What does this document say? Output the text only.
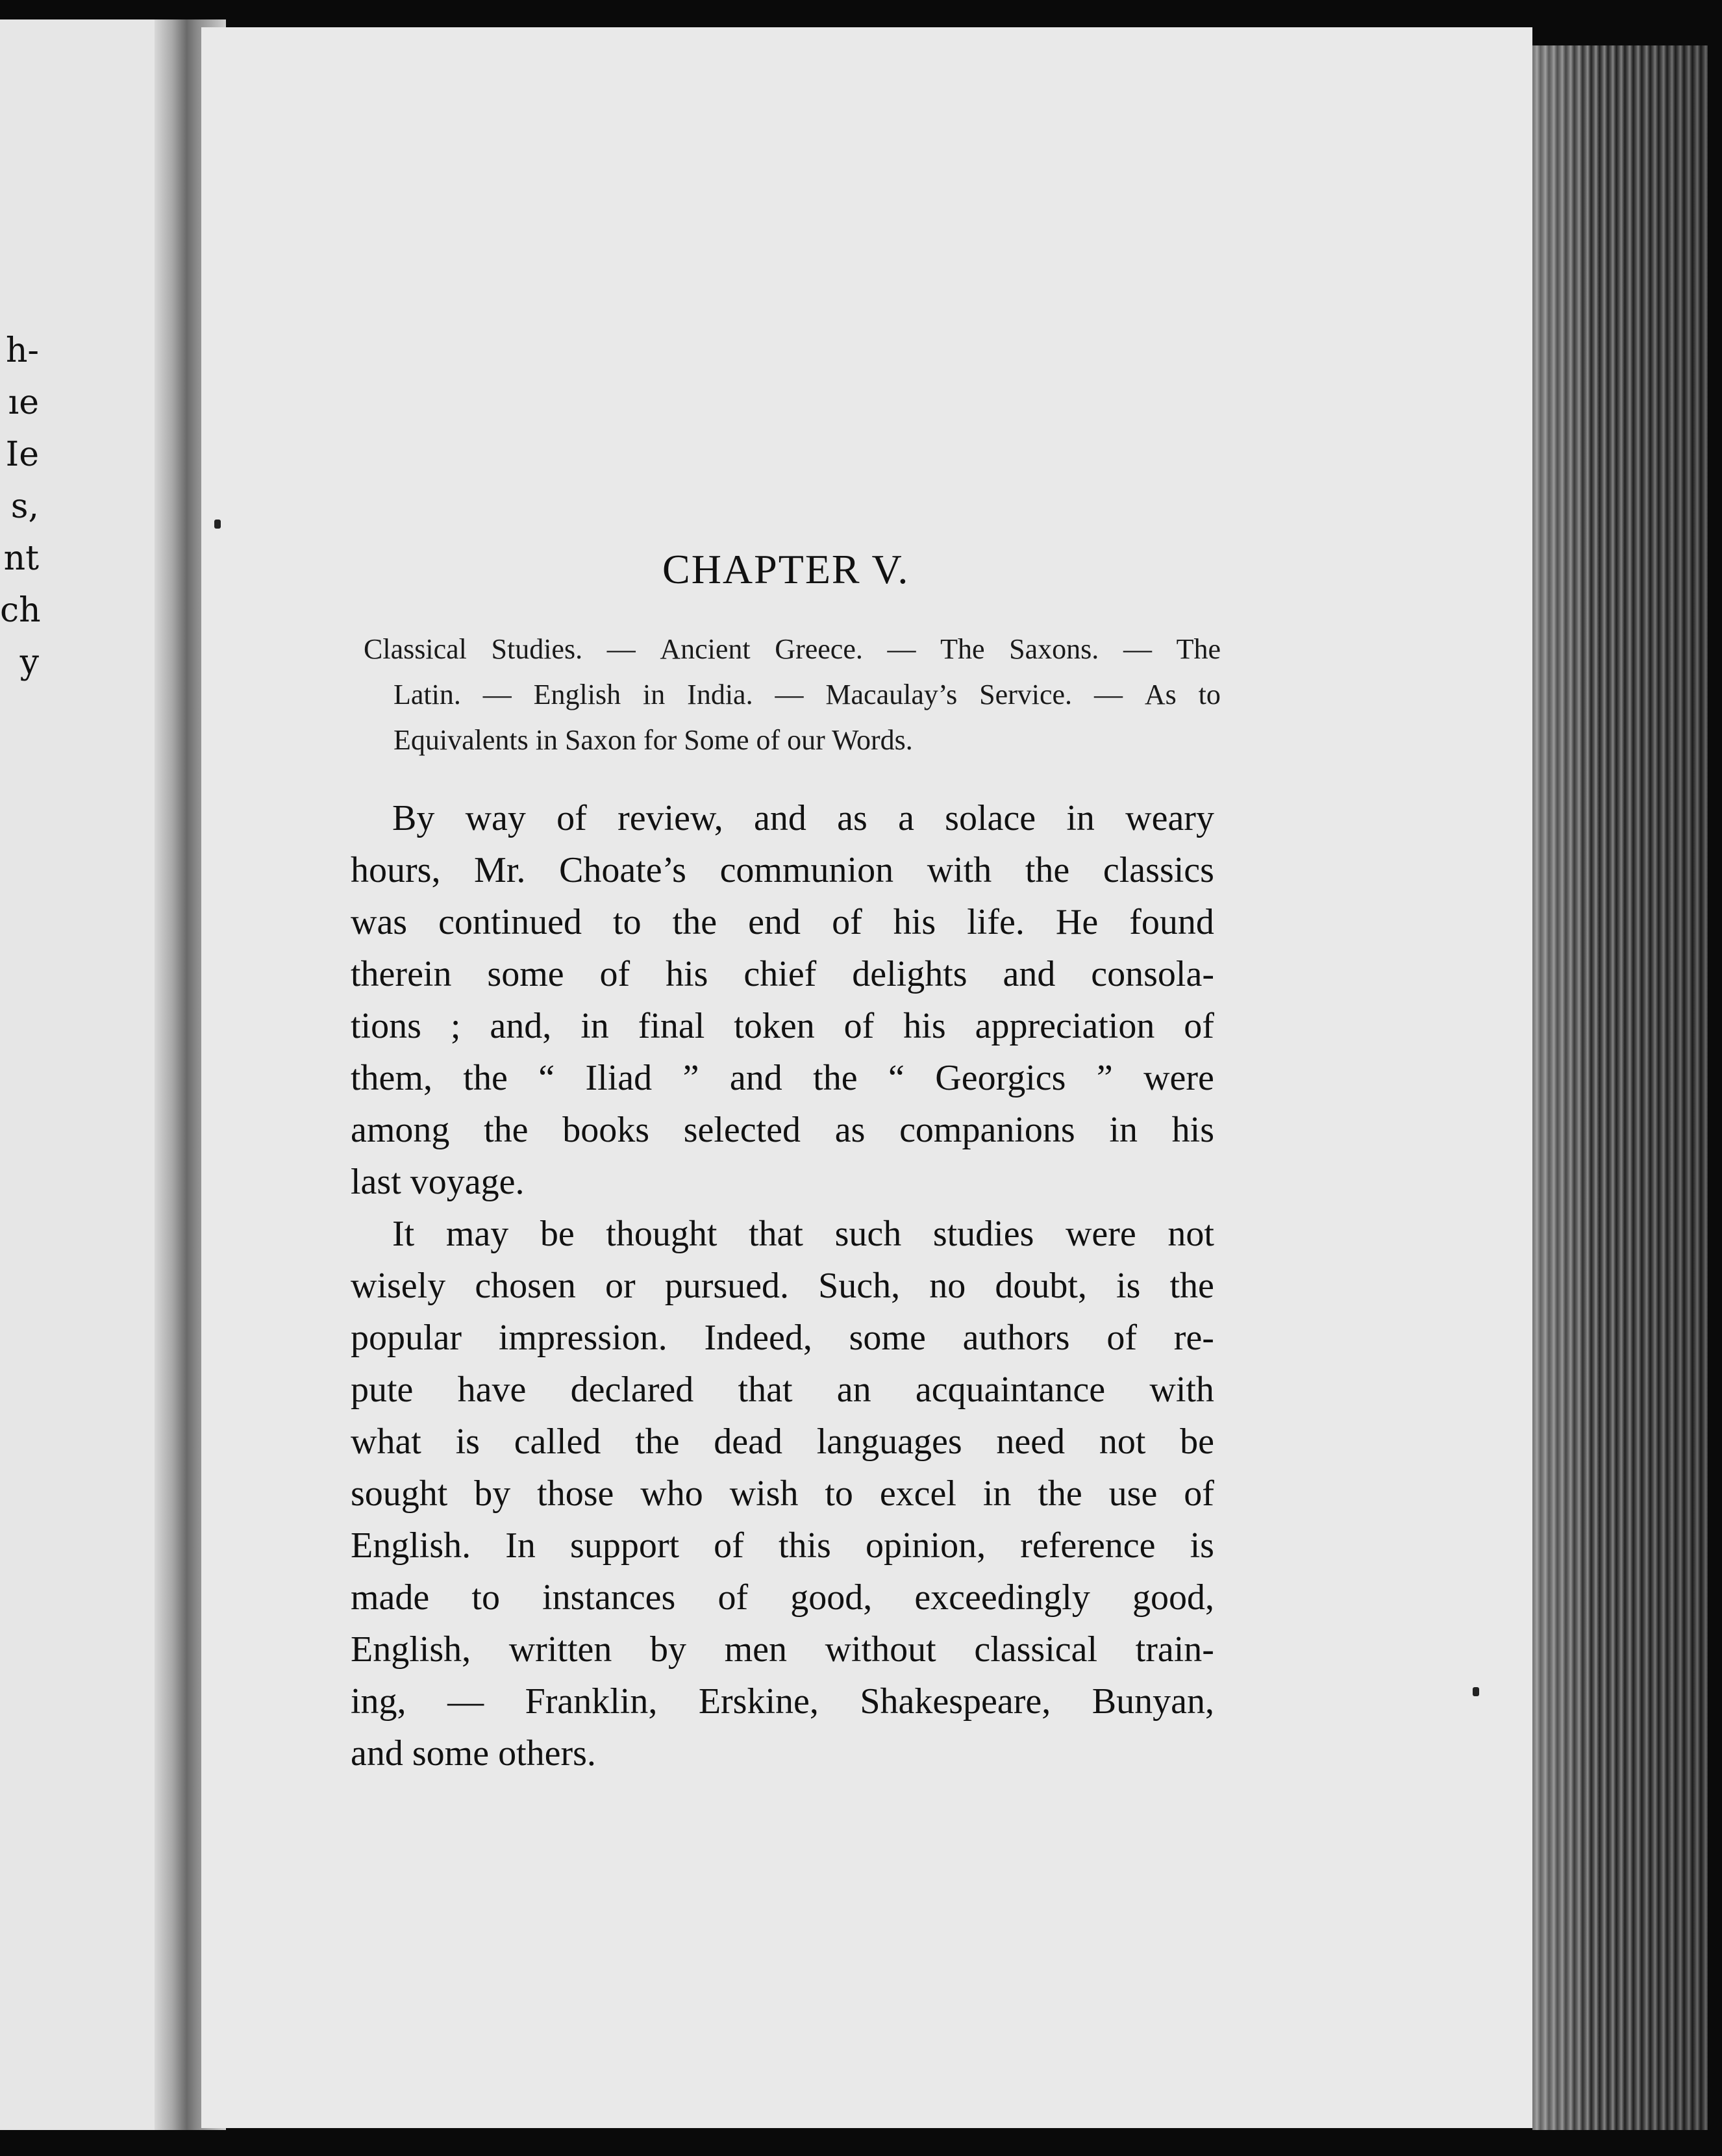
h-
ıe
Ie
s,
nt
ch
y
CHAPTER V.
Classical Studies. — Ancient Greece. — The Saxons. — The
Latin. — English in India. — Macaulay’s Service. — As to
Equivalents in Saxon for Some of our Words.
By way of review, and as a solace in weary
hours, Mr. Choate’s communion with the classics
was continued to the end of his life. He found
therein some of his chief delights and consola-
tions ; and, in final token of his appreciation of
them, the “ Iliad ” and the “ Georgics ” were
among the books selected as companions in his
last voyage.
It may be thought that such studies were not
wisely chosen or pursued. Such, no doubt, is the
popular impression. Indeed, some authors of re-
pute have declared that an acquaintance with
what is called the dead languages need not be
sought by those who wish to excel in the use of
English. In support of this opinion, reference is
made to instances of good, exceedingly good,
English, written by men without classical train-
ing, — Franklin, Erskine, Shakespeare, Bunyan,
and some others.
